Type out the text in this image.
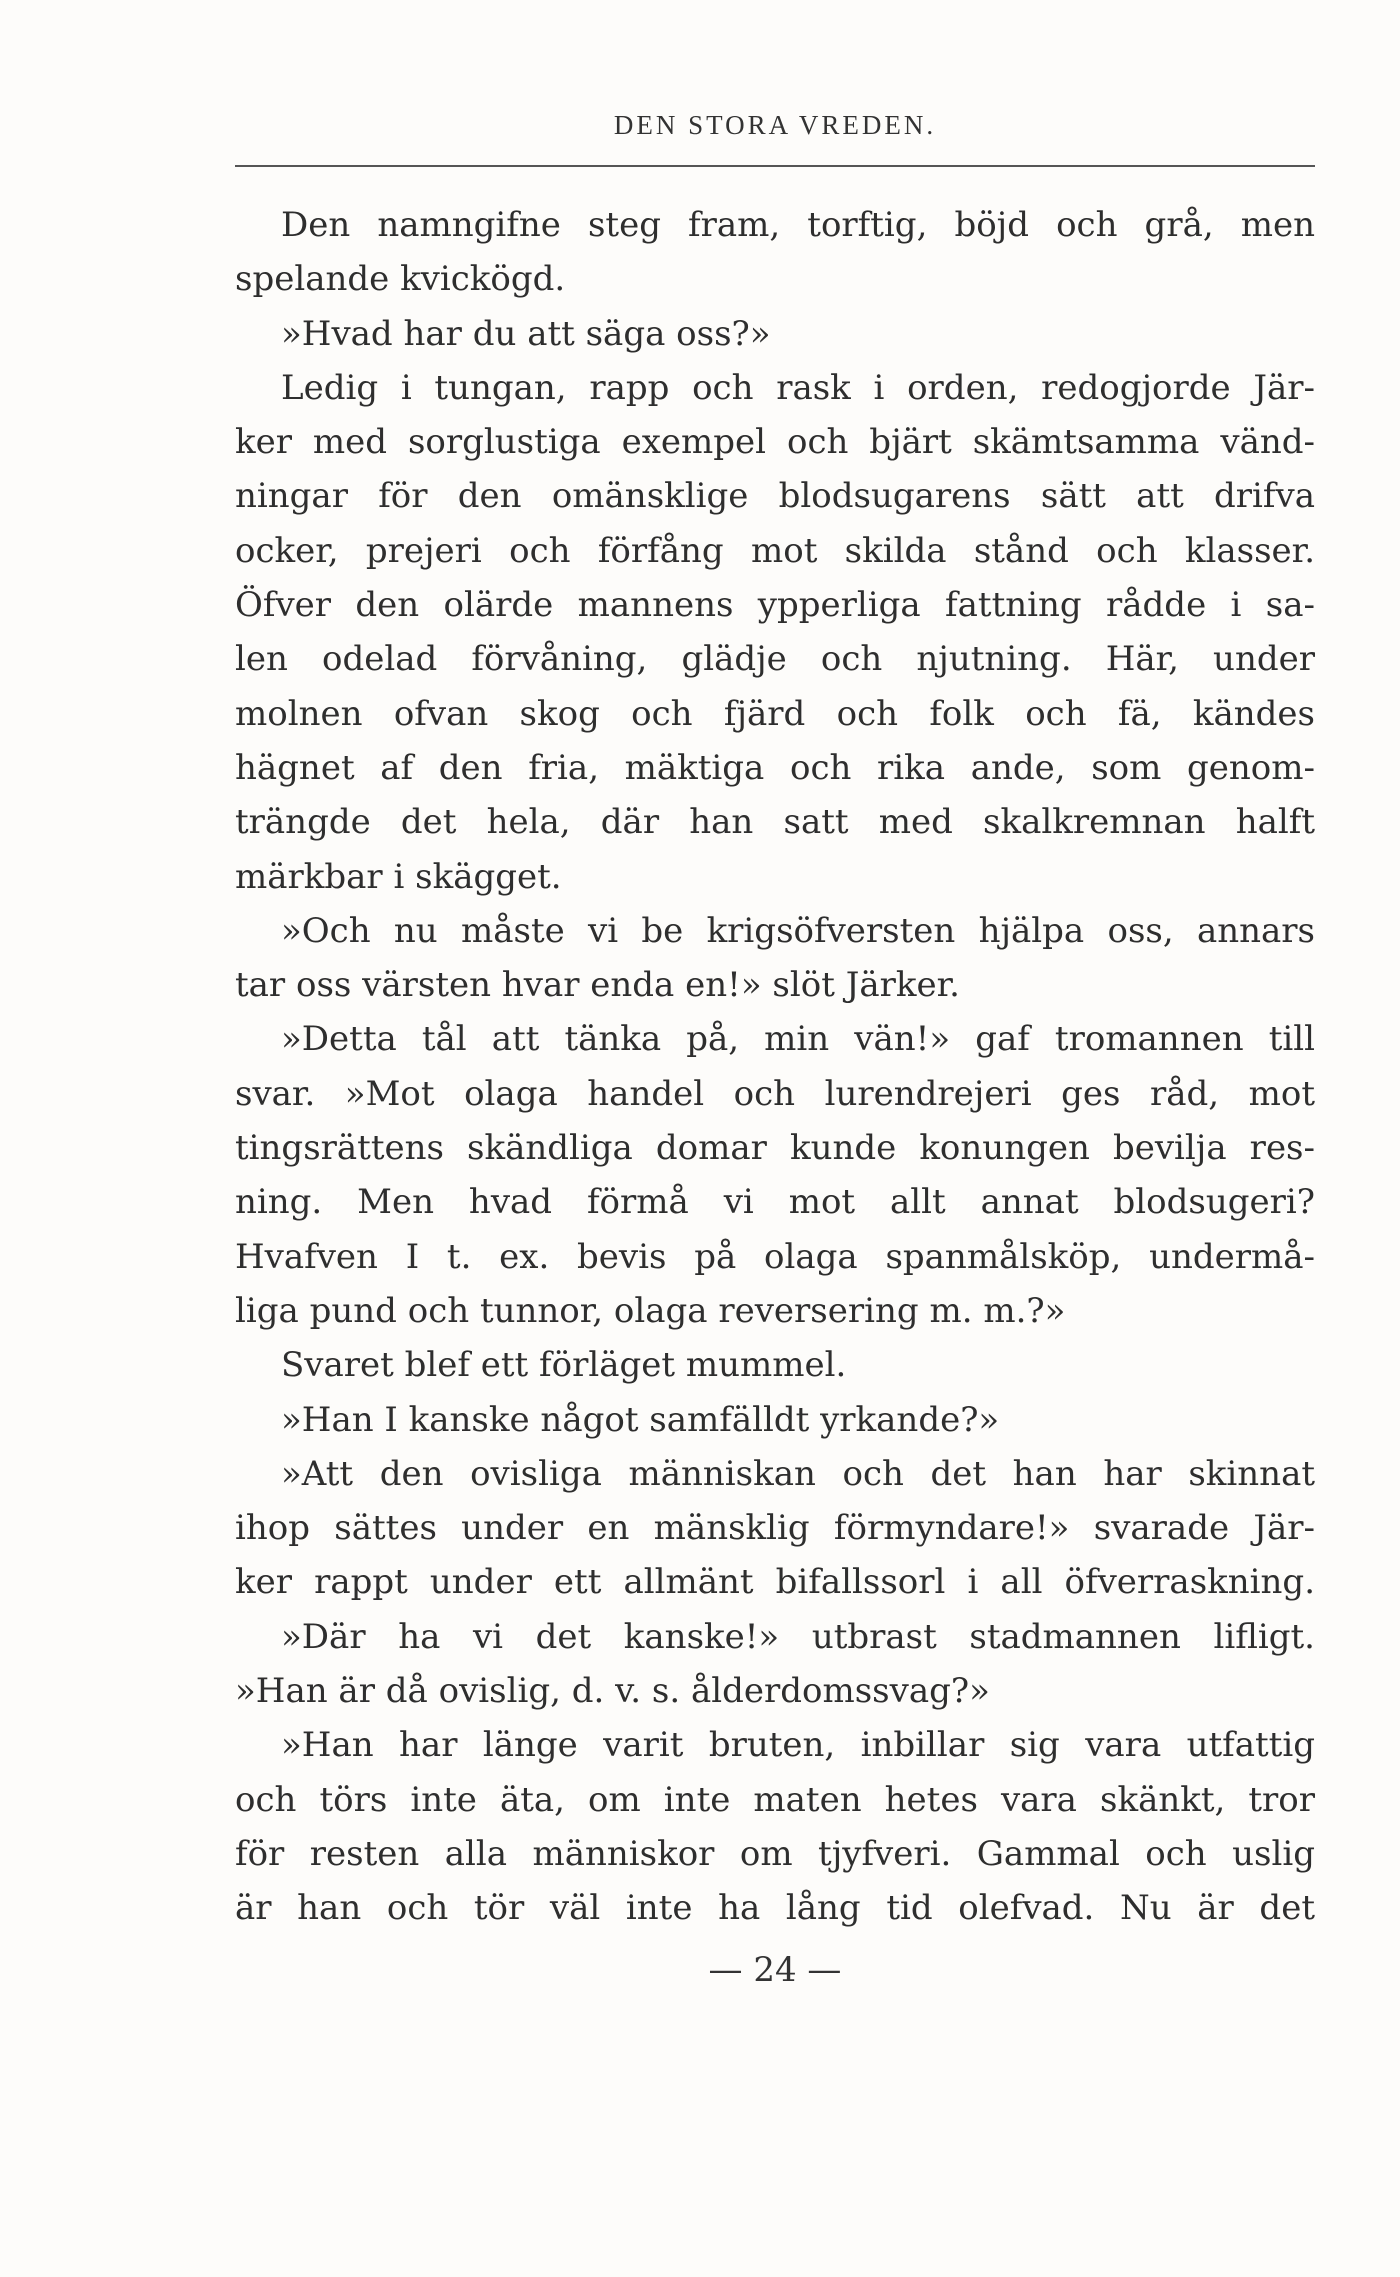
DEN STORA VREDEN.
Den namngifne steg fram, torftig, böjd och grå, men
spelande kvickögd.
»Hvad har du att säga oss?»
Ledig i tungan, rapp och rask i orden, redogjorde Jär-
ker med sorglustiga exempel och bjärt skämtsamma vänd-
ningar för den omänsklige blodsugarens sätt att drifva
ocker, prejeri och förfång mot skilda stånd och klasser.
Öfver den olärde mannens ypperliga fattning rådde i sa-
len odelad förvåning, glädje och njutning. Här, under
molnen ofvan skog och fjärd och folk och fä, kändes
hägnet af den fria, mäktiga och rika ande, som genom-
trängde det hela, där han satt med skalkremnan halft
märkbar i skägget.
»Och nu måste vi be krigsöfversten hjälpa oss, annars
tar oss värsten hvar enda en!» slöt Järker.
»Detta tål att tänka på, min vän!» gaf tromannen till
svar. »Mot olaga handel och lurendrejeri ges råd, mot
tingsrättens skändliga domar kunde konungen bevilja res-
ning. Men hvad förmå vi mot allt annat blodsugeri?
Hvafven I t. ex. bevis på olaga spanmålsköp, undermå-
liga pund och tunnor, olaga reversering m. m.?»
Svaret blef ett förläget mummel.
»Han I kanske något samfälldt yrkande?»
»Att den ovisliga människan och det han har skinnat
ihop sättes under en mänsklig förmyndare!» svarade Jär-
ker rappt under ett allmänt bifallssorl i all öfverraskning.
»Där ha vi det kanske!» utbrast stadmannen lifligt.
»Han är då ovislig, d. v. s. ålderdomssvag?»
»Han har länge varit bruten, inbillar sig vara utfattig
och törs inte äta, om inte maten hetes vara skänkt, tror
för resten alla människor om tjyfveri. Gammal och uslig
är han och tör väl inte ha lång tid olefvad. Nu är det
— 24 —
